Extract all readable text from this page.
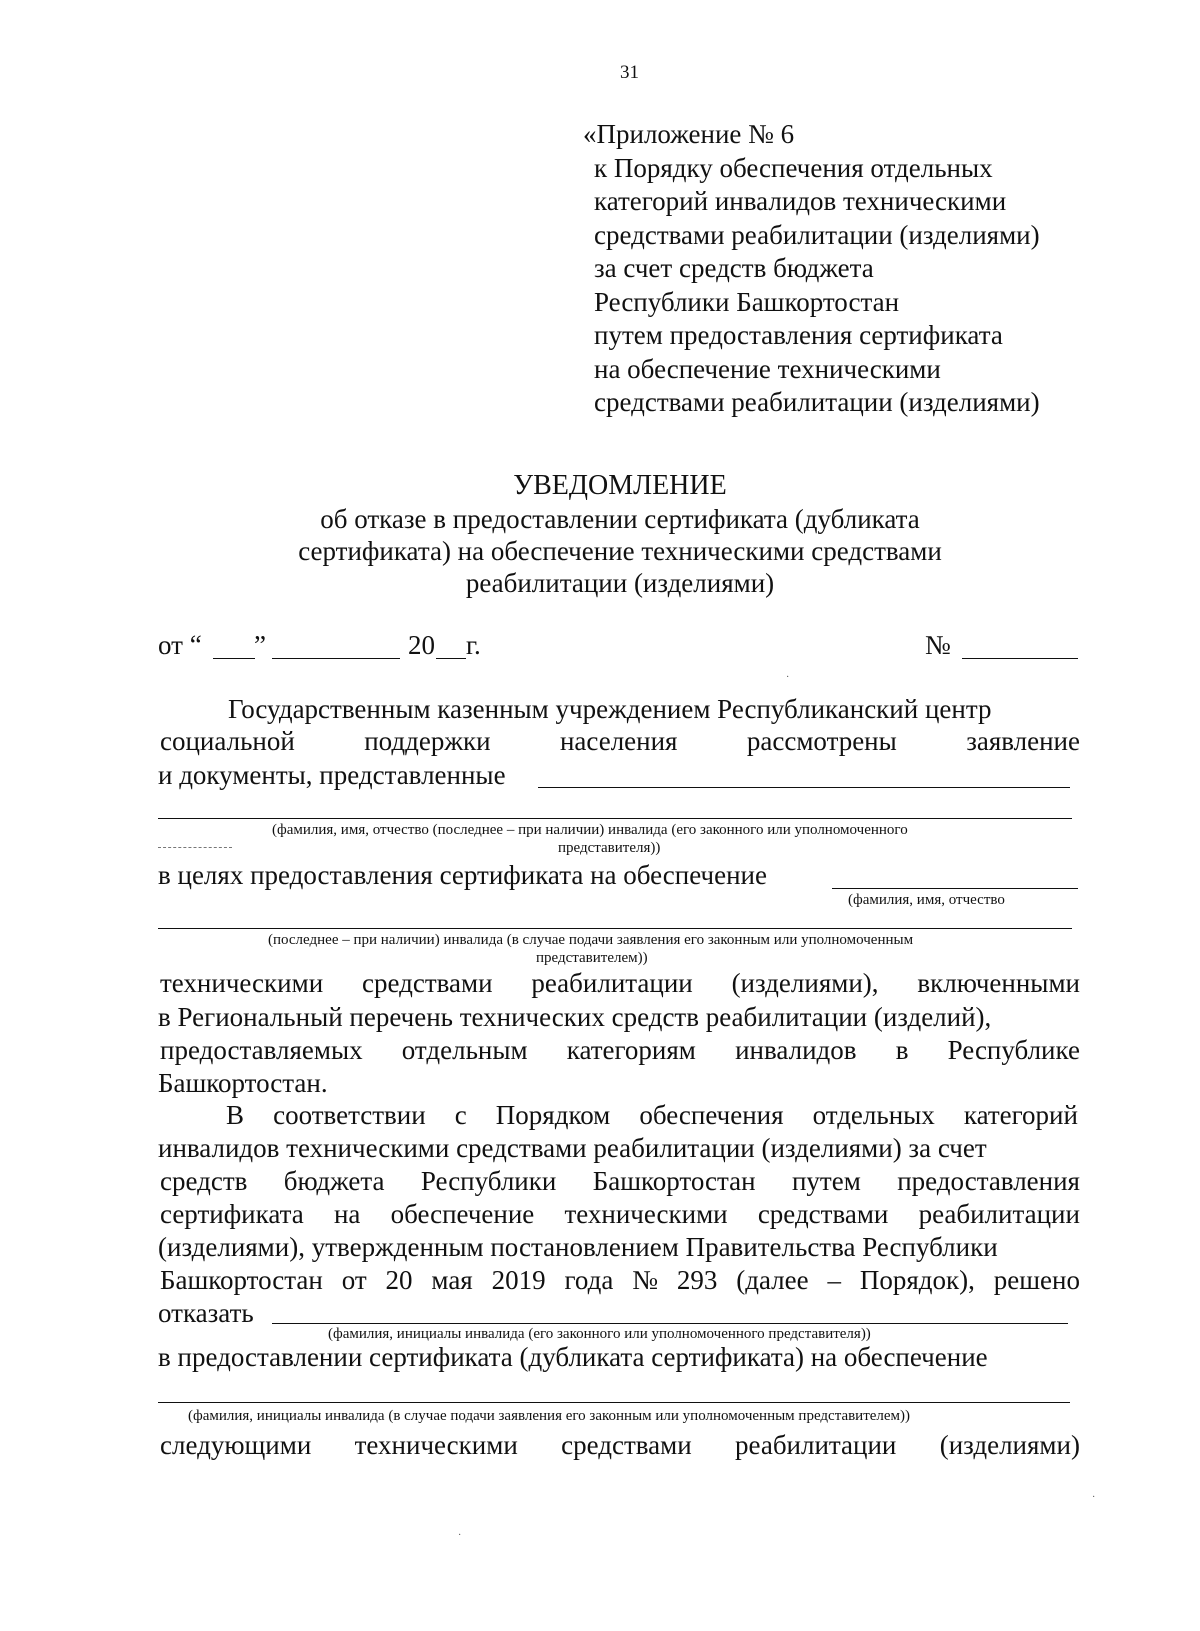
31
«Приложение № 6
к Порядку обеспечения отдельных
категорий инвалидов техническими
средствами реабилитации (изделиями)
за счет средств бюджета
Республики Башкортостан
путем предоставления сертификата
на обеспечение техническими
средствами реабилитации (изделиями)
УВЕДОМЛЕНИЕ
об отказе в предоставлении сертификата (дубликата
сертификата) на обеспечение техническими средствами
реабилитации (изделиями)
от “ ”	20 г.	№
Государственным казенным учреждением Республиканский центр
социальной	поддержки	населения	рассмотрены	заявление
и документы, представленные
(фамилия, имя, отчество (последнее – при наличии) инвалида (его законного или уполномоченного
представителя))
в целях предоставления сертификата на обеспечение
(фамилия, имя, отчество
(последнее – при наличии) инвалида (в случае подачи заявления его законным или уполномоченным
представителем))
техническими средствами реабилитации (изделиями), включенными
в Региональный перечень технических средств реабилитации (изделий),
предоставляемых отдельным категориям инвалидов в Республике
Башкортостан.
В соответствии с Порядком обеспечения отдельных категорий
инвалидов техническими средствами реабилитации (изделиями) за счет
средств бюджета Республики Башкортостан путем предоставления
сертификата на обеспечение техническими средствами реабилитации
(изделиями), утвержденным постановлением Правительства Республики
Башкортостан от 20 мая 2019 года № 293 (далее – Порядок), решено
отказать
(фамилия, инициалы инвалида (его законного или уполномоченного представителя))
в предоставлении сертификата (дубликата сертификата) на обеспечение
(фамилия, инициалы инвалида (в случае подачи заявления его законным или уполномоченным представителем))
следующими техническими средствами реабилитации (изделиями)
·
·
·
